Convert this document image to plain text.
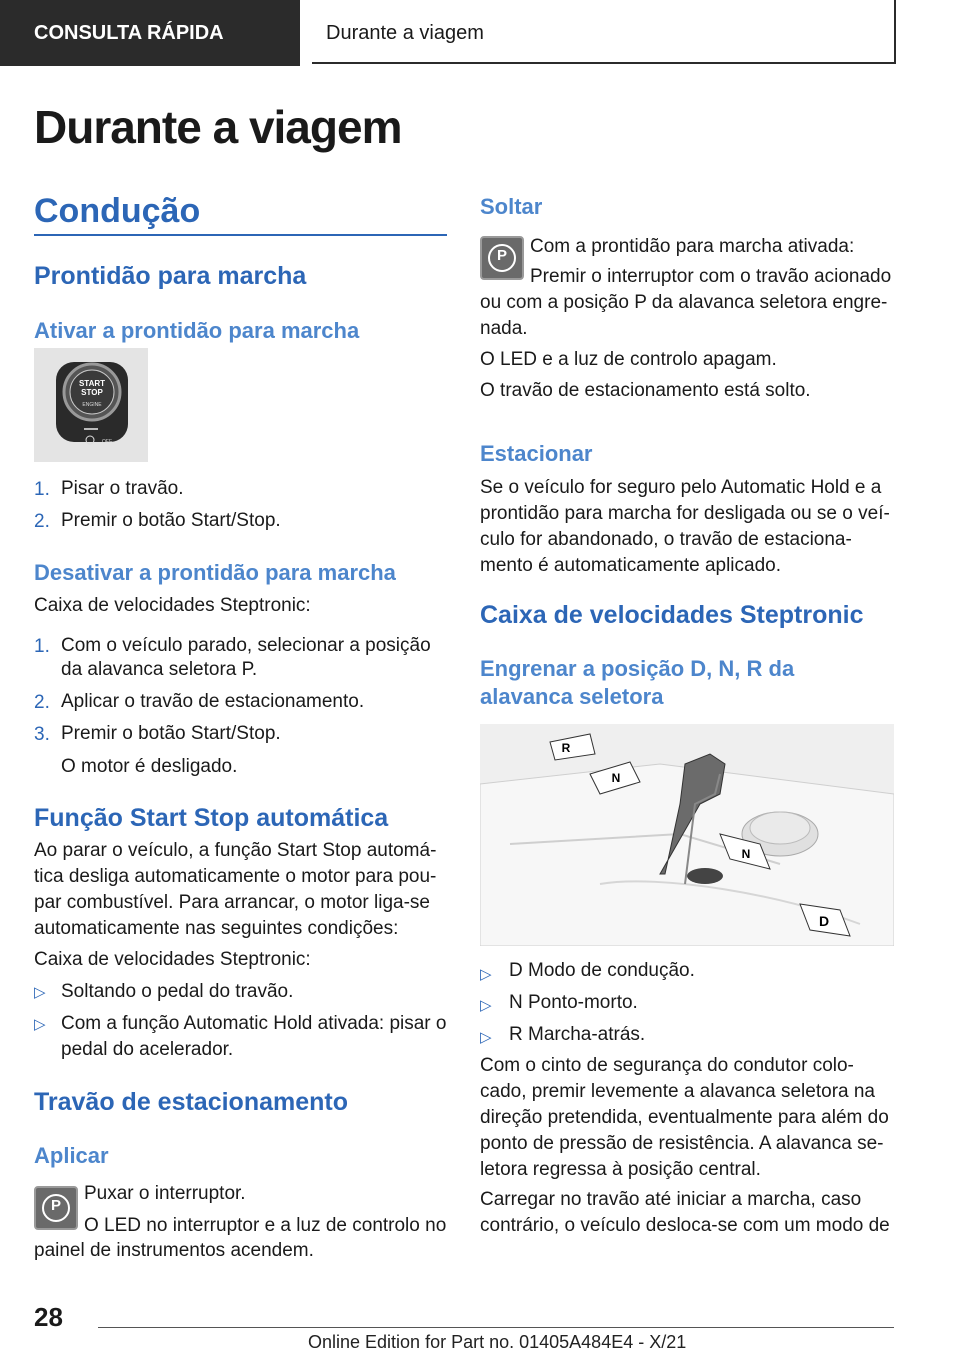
CONSULTA RÁPIDA	Durante a viagem
Durante a viagem
Condução
Prontidão para marcha
Ativar a prontidão para marcha
START
STOP
ENGINE
OFF
1. Pisar o travão.
2. Premir o botão Start/Stop.
Desativar a prontidão para marcha
Caixa de velocidades Steptronic:
1. Com o veículo parado, selecionar a posição
da alavanca seletora P.
2. Aplicar o travão de estacionamento.
3. Premir o botão Start/Stop.
O motor é desligado.
Função Start Stop automática
Ao parar o veículo, a função Start Stop automá-
tica desliga automaticamente o motor para pou-
par combustível. Para arrancar, o motor liga-se
automaticamente nas seguintes condições:
Caixa de velocidades Steptronic:
▷ Soltando o pedal do travão.
▷ Com a função Automatic Hold ativada: pisar o
pedal do acelerador.
Travão de estacionamento
Aplicar
P
Puxar o interruptor.
O LED no interruptor e a luz de controlo no
painel de instrumentos acendem.
Soltar
P	Com a prontidão para marcha ativada:
Premir o interruptor com o travão acionado
ou com a posição P da alavanca seletora engre-
nada.
O LED e a luz de controlo apagam.
O travão de estacionamento está solto.
Estacionar
Se o veículo for seguro pelo Automatic Hold e a
prontidão para marcha for desligada ou se o veí-
culo for abandonado, o travão de estaciona-
mento é automaticamente aplicado.
Caixa de velocidades Steptronic
Engrenar a posição D, N, R da
alavanca seletora
R
N
N
D
▷ D Modo de condução.
▷ N Ponto-morto.
▷ R Marcha-atrás.
Com o cinto de segurança do condutor colo-
cado, premir levemente a alavanca seletora na
direção pretendida, eventualmente para além do
ponto de pressão de resistência. A alavanca se-
letora regressa à posição central.
Carregar no travão até iniciar a marcha, caso
contrário, o veículo desloca-se com um modo de
28
Online Edition for Part no. 01405A484E4 - X/21
